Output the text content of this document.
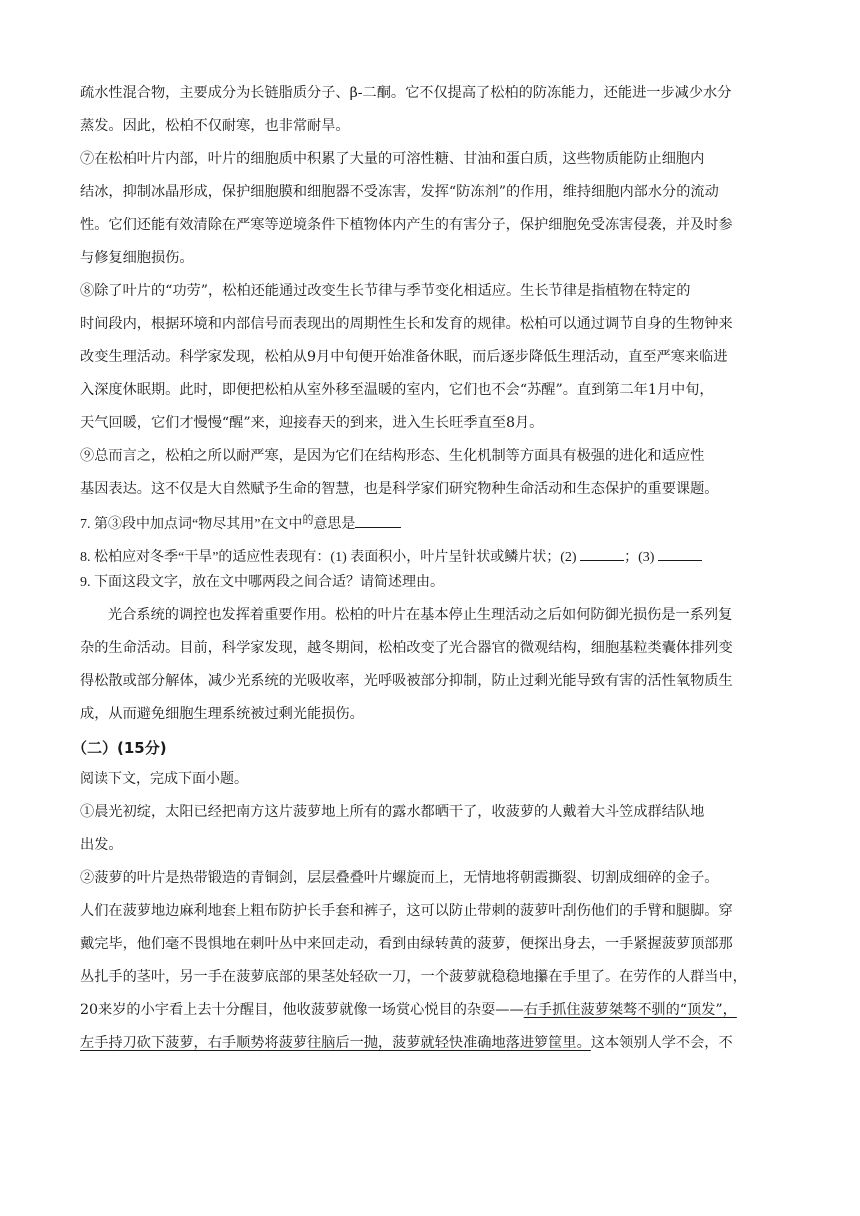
疏水性混合物，主要成分为长链脂质分子、β-二酮。它不仅提高了松柏的防冻能力，还能进一步减少水分
蒸发。因此，松柏不仅耐寒，也非常耐旱。
⑦在松柏叶片内部，叶片的细胞质中积累了大量的可溶性糖、甘油和蛋白质，这些物质能防止细胞内
结冰，抑制冰晶形成，保护细胞膜和细胞器不受冻害，发挥“防冻剂”的作用，维持细胞内部水分的流动
性。它们还能有效清除在严寒等逆境条件下植物体内产生的有害分子，保护细胞免受冻害侵袭，并及时参
与修复细胞损伤。
⑧除了叶片的“功劳”，松柏还能通过改变生长节律与季节变化相适应。生长节律是指植物在特定的
时间段内，根据环境和内部信号而表现出的周期性生长和发育的规律。松柏可以通过调节自身的生物钟来
改变生理活动。科学家发现，松柏从9月中旬便开始准备休眠，而后逐步降低生理活动，直至严寒来临进
入深度休眠期。此时，即便把松柏从室外移至温暖的室内，它们也不会“苏醒”。直到第二年1月中旬，
天气回暖，它们才慢慢“醒”来，迎接春天的到来，进入生长旺季直至8月。
⑨总而言之，松柏之所以耐严寒，是因为它们在结构形态、生化机制等方面具有极强的进化和适应性
基因表达。这不仅是大自然赋予生命的智慧，也是科学家们研究物种生命活动和生态保护的重要课题。
7. 第③段中加点词“物尽其用”在文中$^的$意思是
8. 松柏应对冬季“干旱”的适应性表现有：(1) 表面积小，叶片呈针状或鳞片状；(2)	；(3)
9. 下面这段文字，放在文中哪两段之间合适？请简述理由。
光合系统的调控也发挥着重要作用。松柏的叶片在基本停止生理活动之后如何防御光损伤是一系列复
杂的生命活动。目前，科学家发现，越冬期间，松柏改变了光合器官的微观结构，细胞基粒类囊体排列变
得松散或部分解体，减少光系统的光吸收率，光呼吸被部分抑制，防止过剩光能导致有害的活性氧物质生
成，从而避免细胞生理系统被过剩光能损伤。
（二）(15分)
阅读下文，完成下面小题。
①晨光初绽，太阳已经把南方这片菠萝地上所有的露水都晒干了，收菠萝的人戴着大斗笠成群结队地
出发。
②菠萝的叶片是热带锻造的青铜剑，层层叠叠叶片螺旋而上，无情地将朝霞撕裂、切割成细碎的金子。
人们在菠萝地边麻利地套上粗布防护长手套和裤子，这可以防止带刺的菠萝叶刮伤他们的手臂和腿脚。穿
戴完毕，他们毫不畏惧地在刺叶丛中来回走动，看到由绿转黄的菠萝，便探出身去，一手紧握菠萝顶部那
丛扎手的茎叶，另一手在菠萝底部的果茎处轻砍一刀，一个菠萝就稳稳地攥在手里了。在劳作的人群当中，
20来岁的小宇看上去十分醒目，他收菠萝就像一场赏心悦目的杂耍——右手抓住菠萝桀骜不驯的“顶发”，
左手持刀砍下菠萝，右手顺势将菠萝往脑后一抛，菠萝就轻快准确地落进箩筐里。这本领别人学不会，不
